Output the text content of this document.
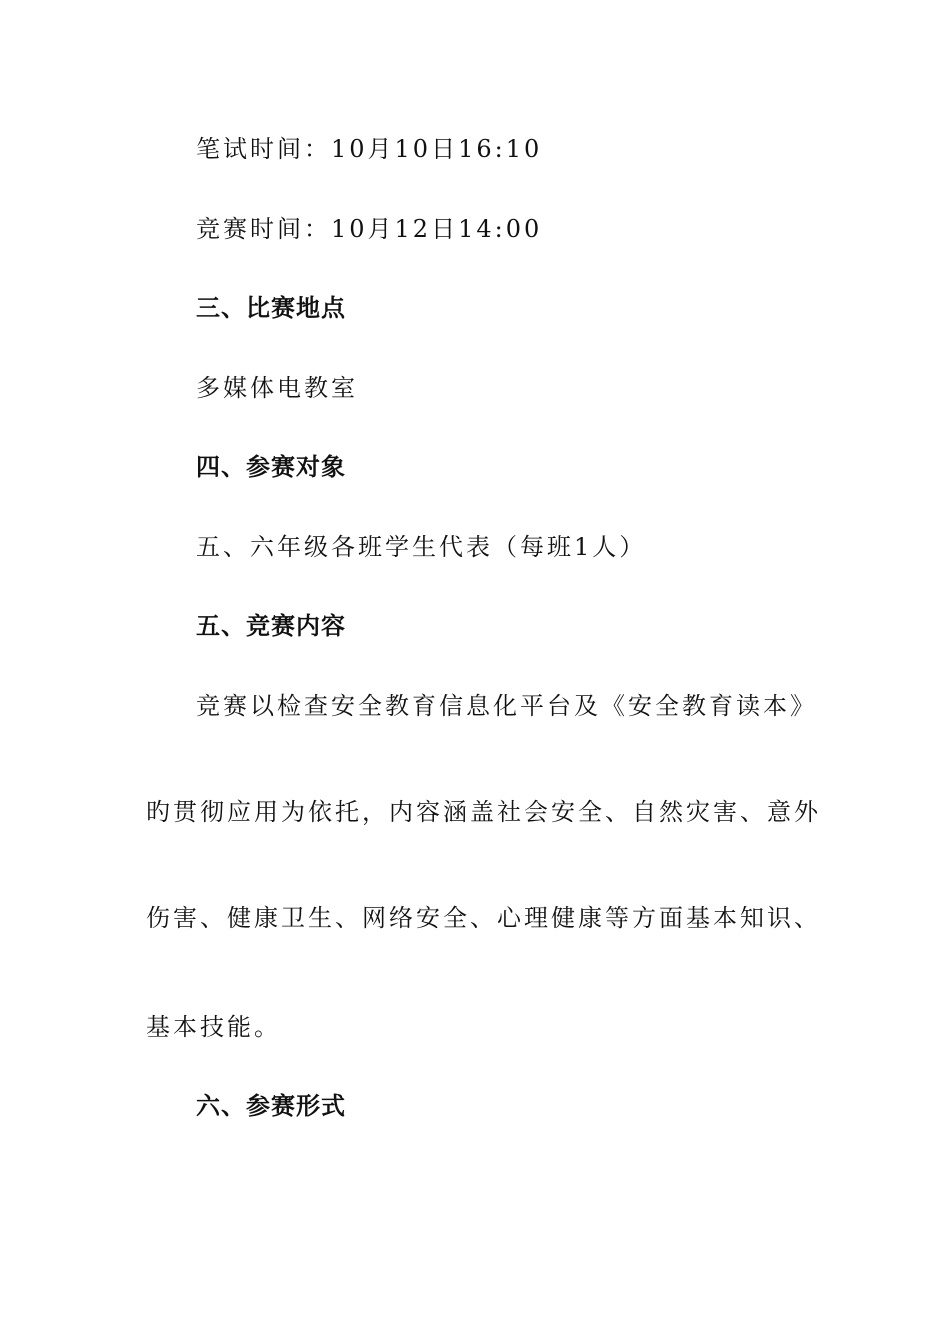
笔试时间：10月10日16:10
竞赛时间：10月12日14:00
三、比赛地点
多媒体电教室
四、参赛对象
五、六年级各班学生代表（每班1人）
五、竞赛内容
竞赛以检查安全教育信息化平台及《安全教育读本》
旳贯彻应用为依托，内容涵盖社会安全、自然灾害、意外
伤害、健康卫生、网络安全、心理健康等方面基本知识、
基本技能。
六、参赛形式
